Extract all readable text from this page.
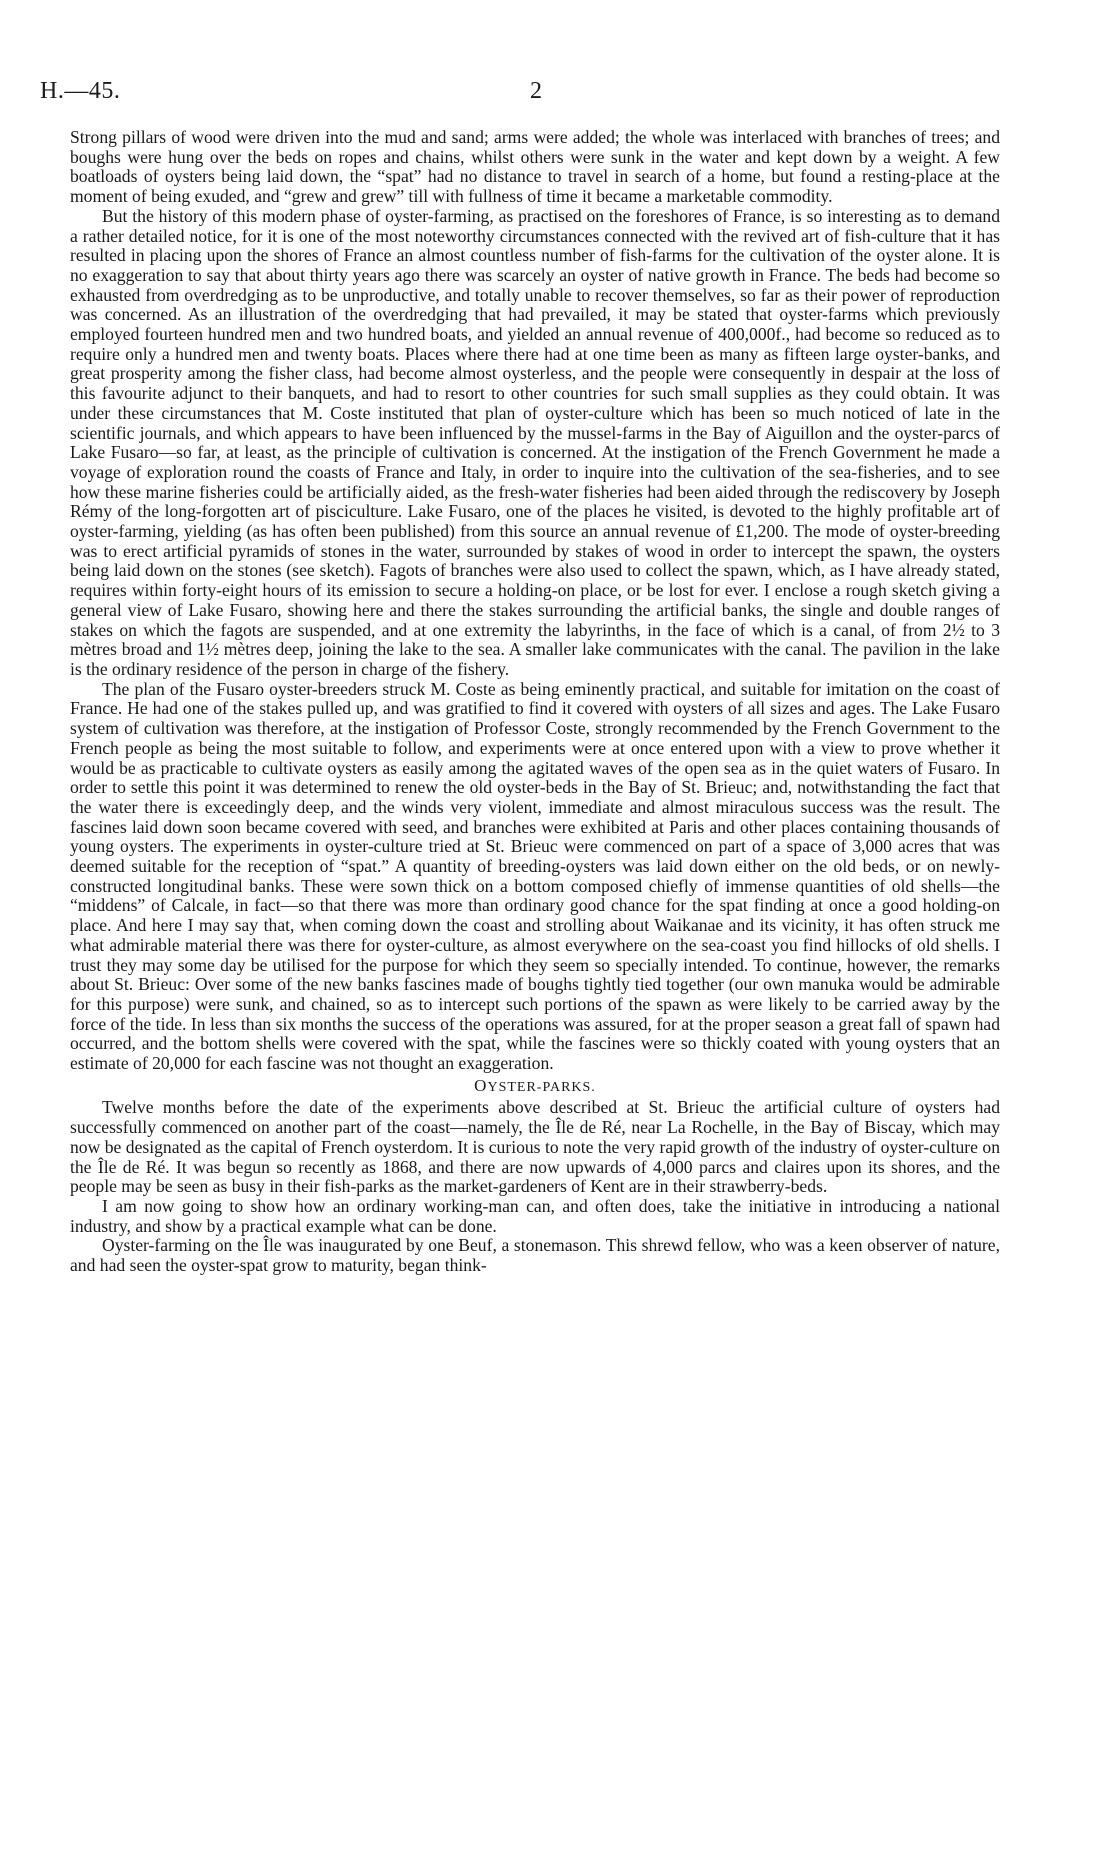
H.—45.	2

Strong pillars of wood were driven into the mud and sand; arms were added; the whole was interlaced with branches of trees; and boughs were hung over the beds on ropes and chains, whilst others were sunk in the water and kept down by a weight. A few boatloads of oysters being laid down, the “spat” had no distance to travel in search of a home, but found a resting-place at the moment of being exuded, and “grew and grew” till with fullness of time it became a marketable commodity.

But the history of this modern phase of oyster-farming, as practised on the foreshores of France, is so interesting as to demand a rather detailed notice, for it is one of the most noteworthy circumstances connected with the revived art of fish-culture that it has resulted in placing upon the shores of France an almost countless number of fish-farms for the cultivation of the oyster alone. It is no exaggeration to say that about thirty years ago there was scarcely an oyster of native growth in France. The beds had become so exhausted from overdredging as to be unproductive, and totally unable to recover themselves, so far as their power of reproduction was concerned. As an illustration of the overdredging that had prevailed, it may be stated that oyster-farms which previously employed fourteen hundred men and two hundred boats, and yielded an annual revenue of 400,000f., had become so reduced as to require only a hundred men and twenty boats. Places where there had at one time been as many as fifteen large oyster-banks, and great prosperity among the fisher class, had become almost oysterless, and the people were consequently in despair at the loss of this favourite adjunct to their banquets, and had to resort to other countries for such small supplies as they could obtain. It was under these circumstances that M. Coste instituted that plan of oyster-culture which has been so much noticed of late in the scientific journals, and which appears to have been influenced by the mussel-farms in the Bay of Aiguillon and the oyster-parcs of Lake Fusaro—so far, at least, as the principle of cultivation is concerned. At the instigation of the French Government he made a voyage of exploration round the coasts of France and Italy, in order to inquire into the cultivation of the sea-fisheries, and to see how these marine fisheries could be artificially aided, as the fresh-water fisheries had been aided through the rediscovery by Joseph Rémy of the long-forgotten art of pisciculture. Lake Fusaro, one of the places he visited, is devoted to the highly profitable art of oyster-farming, yielding (as has often been published) from this source an annual revenue of £1,200. The mode of oyster-breeding was to erect artificial pyramids of stones in the water, surrounded by stakes of wood in order to intercept the spawn, the oysters being laid down on the stones (see sketch). Fagots of branches were also used to collect the spawn, which, as I have already stated, requires within forty-eight hours of its emission to secure a holding-on place, or be lost for ever. I enclose a rough sketch giving a general view of Lake Fusaro, showing here and there the stakes surrounding the artificial banks, the single and double ranges of stakes on which the fagots are suspended, and at one extremity the labyrinths, in the face of which is a canal, of from 2½ to 3 mètres broad and 1½ mètres deep, joining the lake to the sea. A smaller lake communicates with the canal. The pavilion in the lake is the ordinary residence of the person in charge of the fishery.

The plan of the Fusaro oyster-breeders struck M. Coste as being eminently practical, and suitable for imitation on the coast of France. He had one of the stakes pulled up, and was gratified to find it covered with oysters of all sizes and ages. The Lake Fusaro system of cultivation was therefore, at the instigation of Professor Coste, strongly recommended by the French Government to the French people as being the most suitable to follow, and experiments were at once entered upon with a view to prove whether it would be as practicable to cultivate oysters as easily among the agitated waves of the open sea as in the quiet waters of Fusaro. In order to settle this point it was determined to renew the old oyster-beds in the Bay of St. Brieuc; and, notwithstanding the fact that the water there is exceedingly deep, and the winds very violent, immediate and almost miraculous success was the result. The fascines laid down soon became covered with seed, and branches were exhibited at Paris and other places containing thousands of young oysters. The experiments in oyster-culture tried at St. Brieuc were commenced on part of a space of 3,000 acres that was deemed suitable for the reception of “spat.” A quantity of breeding-oysters was laid down either on the old beds, or on newly-constructed longitudinal banks. These were sown thick on a bottom composed chiefly of immense quantities of old shells—the “middens” of Calcale, in fact—so that there was more than ordinary good chance for the spat finding at once a good holding-on place. And here I may say that, when coming down the coast and strolling about Waikanae and its vicinity, it has often struck me what admirable material there was there for oyster-culture, as almost everywhere on the sea-coast you find hillocks of old shells. I trust they may some day be utilised for the purpose for which they seem so specially intended. To continue, however, the remarks about St. Brieuc: Over some of the new banks fascines made of boughs tightly tied together (our own manuka would be admirable for this purpose) were sunk, and chained, so as to intercept such portions of the spawn as were likely to be carried away by the force of the tide. In less than six months the success of the operations was assured, for at the proper season a great fall of spawn had occurred, and the bottom shells were covered with the spat, while the fascines were so thickly coated with young oysters that an estimate of 20,000 for each fascine was not thought an exaggeration.

OYSTER-PARKS.

Twelve months before the date of the experiments above described at St. Brieuc the artificial culture of oysters had successfully commenced on another part of the coast—namely, the Île de Ré, near La Rochelle, in the Bay of Biscay, which may now be designated as the capital of French oysterdom. It is curious to note the very rapid growth of the industry of oyster-culture on the Île de Ré. It was begun so recently as 1868, and there are now upwards of 4,000 parcs and claires upon its shores, and the people may be seen as busy in their fish-parks as the market-gardeners of Kent are in their strawberry-beds.

I am now going to show how an ordinary working-man can, and often does, take the initiative in introducing a national industry, and show by a practical example what can be done.

Oyster-farming on the Île was inaugurated by one Beuf, a stonemason. This shrewd fellow, who was a keen observer of nature, and had seen the oyster-spat grow to maturity, began think-
